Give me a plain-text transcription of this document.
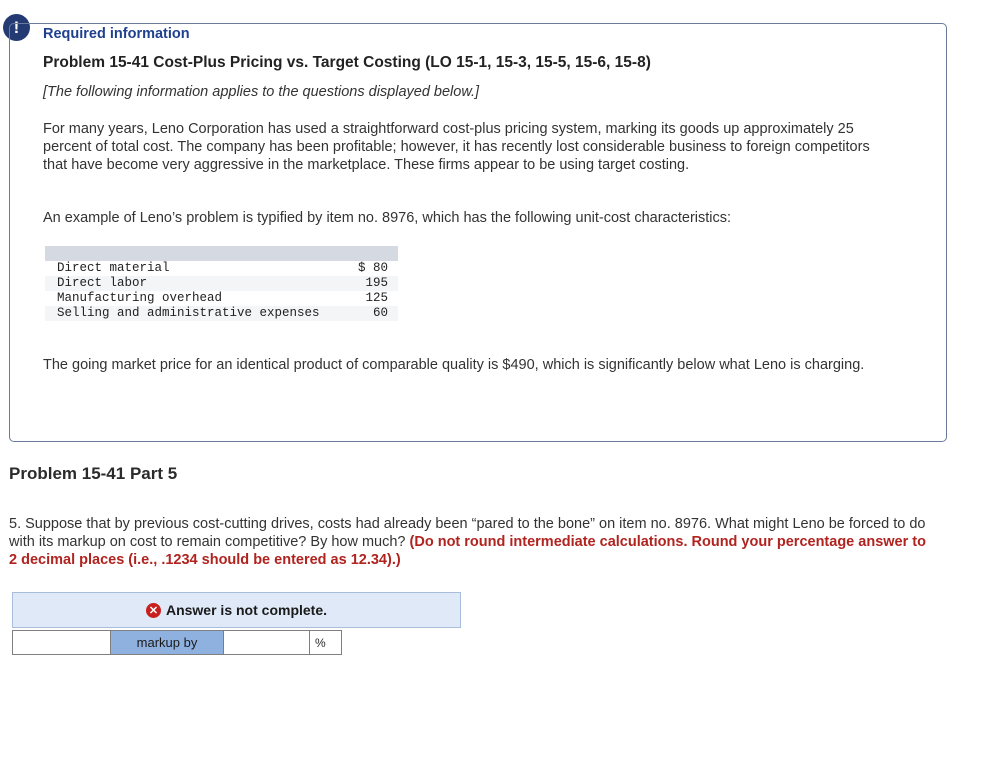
!	Required information
Problem 15-41 Cost-Plus Pricing vs. Target Costing (LO 15-1, 15-3, 15-5, 15-6, 15-8)
[The following information applies to the questions displayed below.]
For many years, Leno Corporation has used a straightforward cost-plus pricing system, marking its goods up approximately 25 percent of total cost. The company has been profitable; however, it has recently lost considerable business to foreign competitors that have become very aggressive in the marketplace. These firms appear to be using target costing.
An example of Leno’s problem is typified by item no. 8976, which has the following unit-cost characteristics:

Direct material	$ 80
Direct labor	195
Manufacturing overhead	125
Selling and administrative expenses	60
The going market price for an identical product of comparable quality is $490, which is significantly below what Leno is charging.
Problem 15-41 Part 5
5. Suppose that by previous cost-cutting drives, costs had already been “pared to the bone” on item no. 8976. What might Leno be forced to do with its markup on cost to remain competitive? By how much? (Do not round intermediate calculations. Round your percentage answer to 2 decimal places (i.e., .1234 should be entered as 12.34).)
✕ Answer is not complete.
markup by	%
